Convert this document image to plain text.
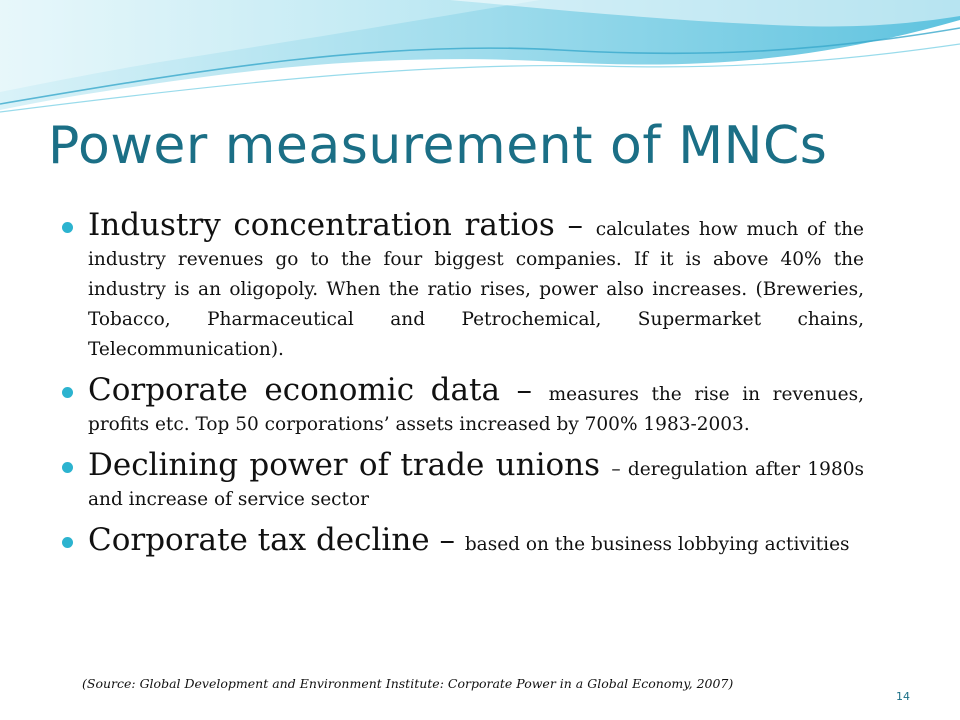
Power measurement of MNCs
Industry concentration ratios – calculates how much of the industry revenues go to the four biggest companies. If it is above 40% the industry is an oligopoly. When the ratio rises, power also increases. (Breweries, Tobacco, Pharmaceutical and Petrochemical, Supermarket chains, Telecommunication).
Corporate economic data – measures the rise in revenues, profits etc. Top 50 corporations’ assets increased by 700% 1983-2003.
Declining power of trade unions – deregulation after 1980s and increase of service sector
Corporate tax decline – based on the business lobbying activities
(Source: Global Development and Environment Institute: Corporate Power in a Global Economy, 2007)
14
